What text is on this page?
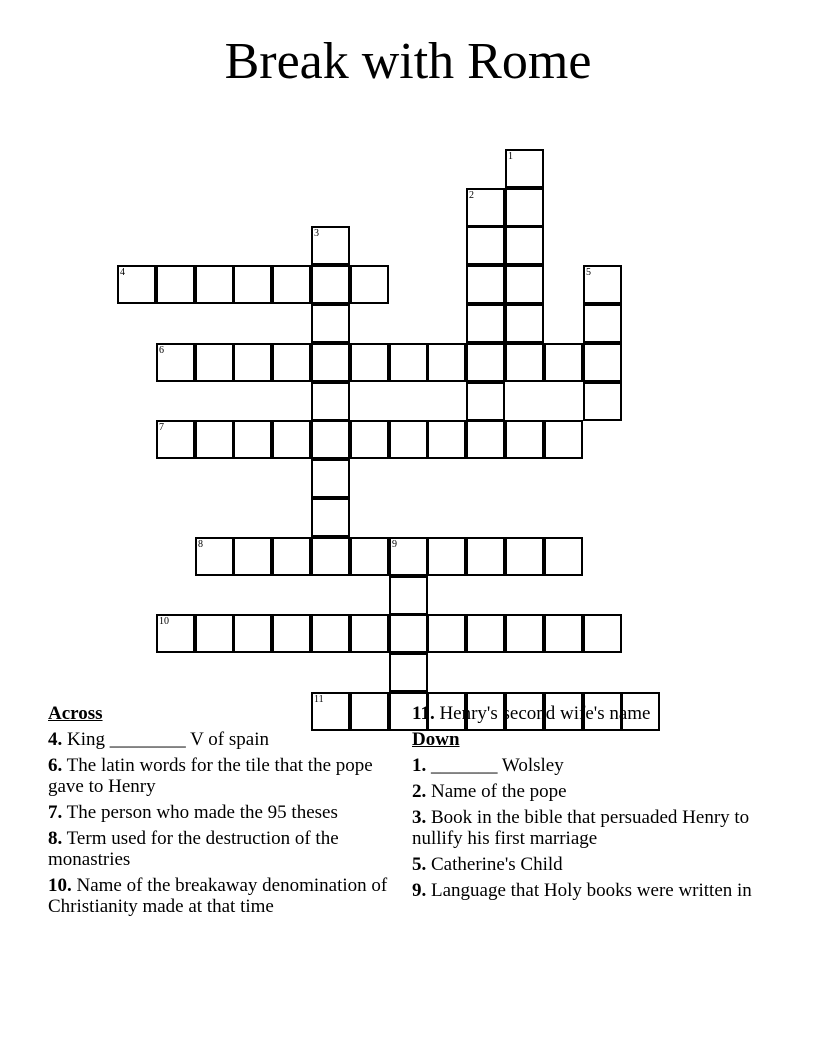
Break with Rome
1
2
3
4	5
6
7
8	9
10
11
Across
4. King ________ V of spain
6. The latin words for the tile that the pope gave to Henry
7. The person who made the 95 theses
8. Term used for the destruction of the monastries
10. Name of the breakaway denomination of Christianity made at that time
11. Henry's second wife's name
Down
1. _______ Wolsley
2. Name of the pope
3. Book in the bible that persuaded Henry to nullify his first marriage
5. Catherine's Child
9. Language that Holy books were written in
